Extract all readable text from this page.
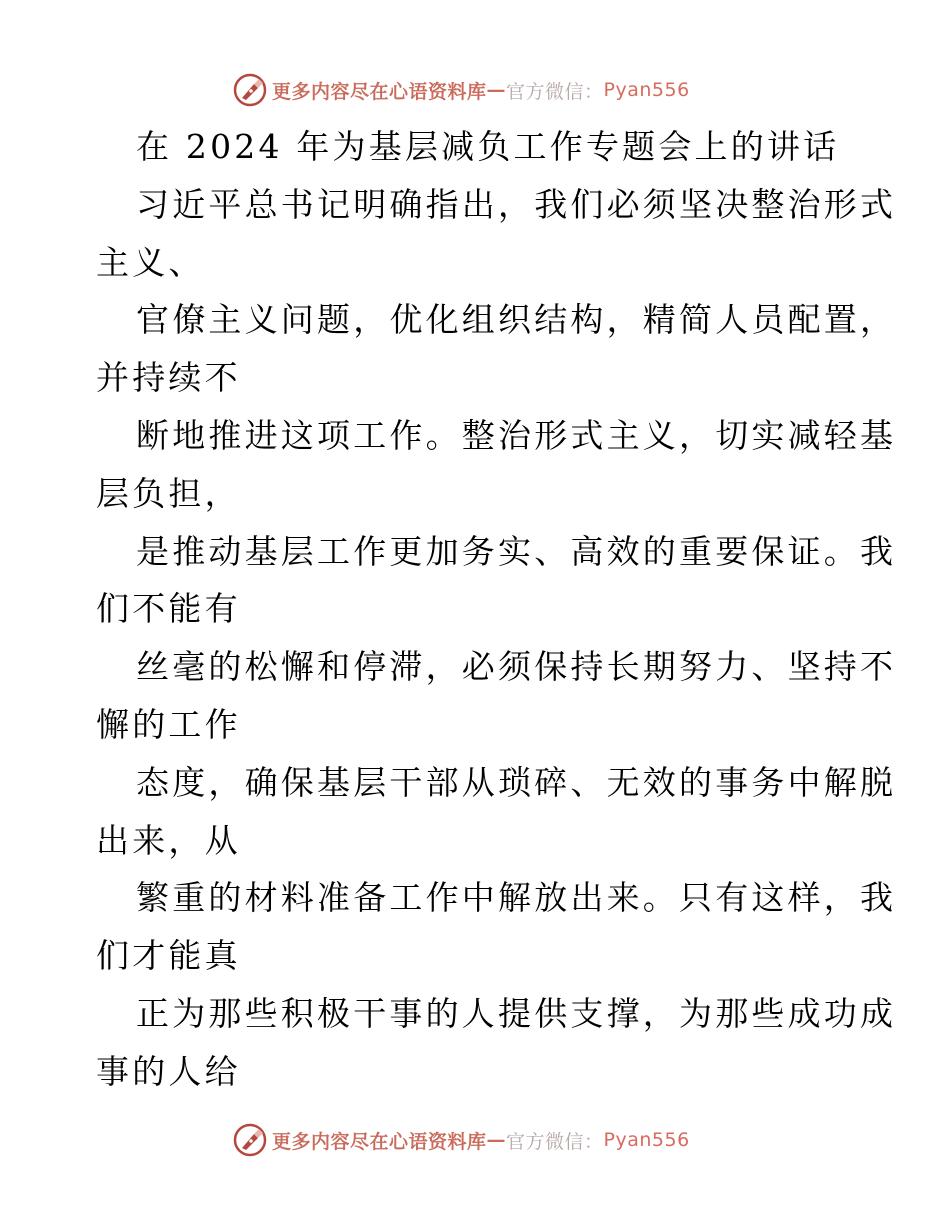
更多内容尽在心语资料库 — 官方微信： Pyan556
在 2024 年为基层减负工作专题会上的讲话
习近平总书记明确指出，我们必须坚决整治形式
主义、
官僚主义问题，优化组织结构，精简人员配置，
并持续不
断地推进这项工作。整治形式主义，切实减轻基
层负担，
是推动基层工作更加务实、高效的重要保证。我
们不能有
丝毫的松懈和停滞，必须保持长期努力、坚持不
懈的工作
态度，确保基层干部从琐碎、无效的事务中解脱
出来，从
繁重的材料准备工作中解放出来。只有这样，我
们才能真
正为那些积极干事的人提供支撑，为那些成功成
事的人给
更多内容尽在心语资料库 — 官方微信： Pyan556
